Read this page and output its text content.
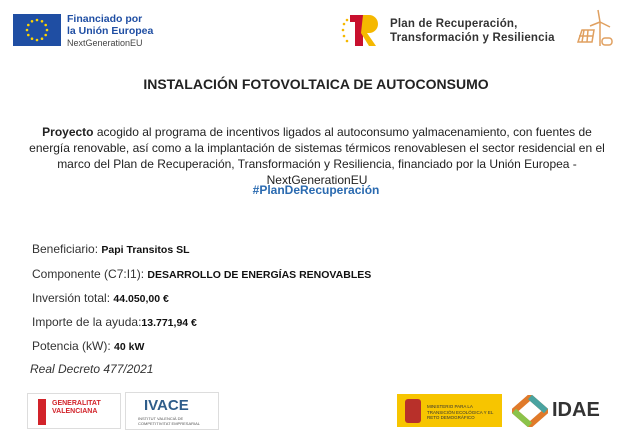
Financiado por
la Unión Europea
NextGenerationEU
Plan de Recuperación,
Transformación y Resiliencia
INSTALACIÓN FOTOVOLTAICA DE AUTOCONSUMO
Proyecto acogido al programa de incentivos ligados al autoconsumo yalmacenamiento, con fuentes de energía renovable, así como a la implantación de sistemas térmicos renovablesen el sector residencial en el marco del Plan de Recuperación, Transformación y Resiliencia, financiado por la Unión Europea - NextGenerationEU
#PlanDeRecuperación
Beneficiario: Papi Transitos SL
Componente (C7:I1): DESARROLLO DE ENERGÍAS RENOVABLES
Inversión total: 44.050,00 €
Importe de la ayuda:13.771,94 €
Potencia (kW): 40 kW
Real Decreto 477/2021
GENERALITAT
VALENCIANA	IVACE
INSTITUT VALENCIÀ DE COMPETITIVITAT EMPRESARIAL
MINISTERIO PARA LA TRANSICIÓN ECOLÓGICA Y EL RETO DEMOGRÁFICO	IDAE
